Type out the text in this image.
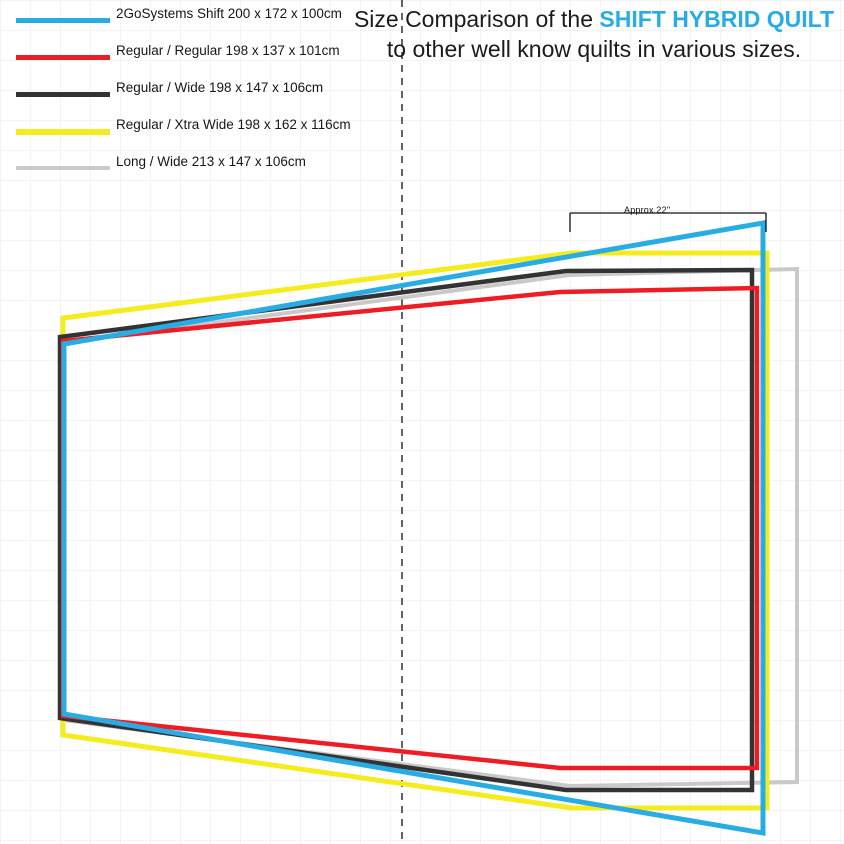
Approx 22"
Size Comparison of the SHIFT HYBRID QUILT to other well know quilts in various sizes.
2GoSystems Shift 200 x 172 x 100cm
Regular / Regular 198 x 137 x 101cm
Regular / Wide 198 x 147 x 106cm
Regular / Xtra Wide 198 x 162 x 116cm
Long / Wide 213 x 147 x 106cm
